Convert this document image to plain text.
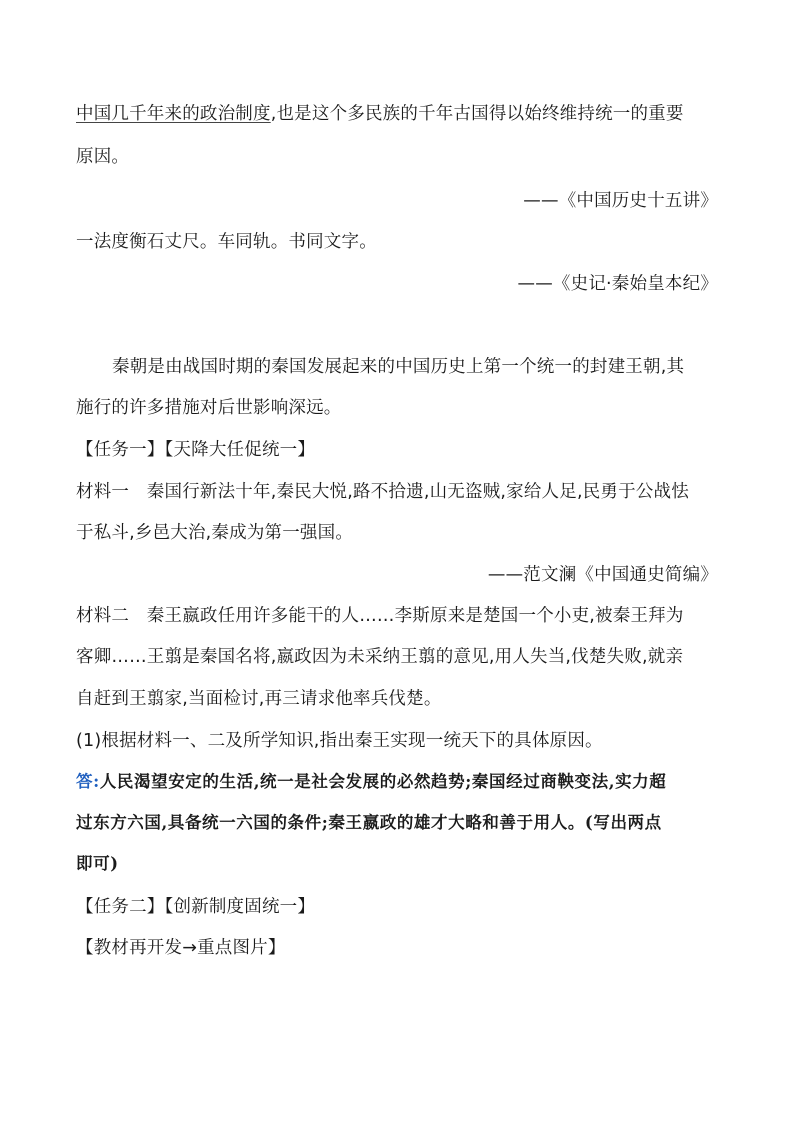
中国几千年来的政治制度,也是这个多民族的千年古国得以始终维持统一的重要
原因。
——《中国历史十五讲》
一法度衡石丈尺。车同轨。书同文字。
——《史记·秦始皇本纪》
秦朝是由战国时期的秦国发展起来的中国历史上第一个统一的封建王朝,其
施行的许多措施对后世影响深远。
【任务一】【天降大任促统一】
材料一　秦国行新法十年,秦民大悦,路不拾遗,山无盗贼,家给人足,民勇于公战怯
于私斗,乡邑大治,秦成为第一强国。
——范文澜《中国通史简编》
材料二　秦王嬴政任用许多能干的人……李斯原来是楚国一个小吏,被秦王拜为
客卿……王翦是秦国名将,嬴政因为未采纳王翦的意见,用人失当,伐楚失败,就亲
自赶到王翦家,当面检讨,再三请求他率兵伐楚。
(1)根据材料一、二及所学知识,指出秦王实现一统天下的具体原因。
答:人民渴望安定的生活,统一是社会发展的必然趋势;秦国经过商鞅变法,实力超
过东方六国,具备统一六国的条件;秦王嬴政的雄才大略和善于用人。(写出两点
即可)
【任务二】【创新制度固统一】
【教材再开发→重点图片】
